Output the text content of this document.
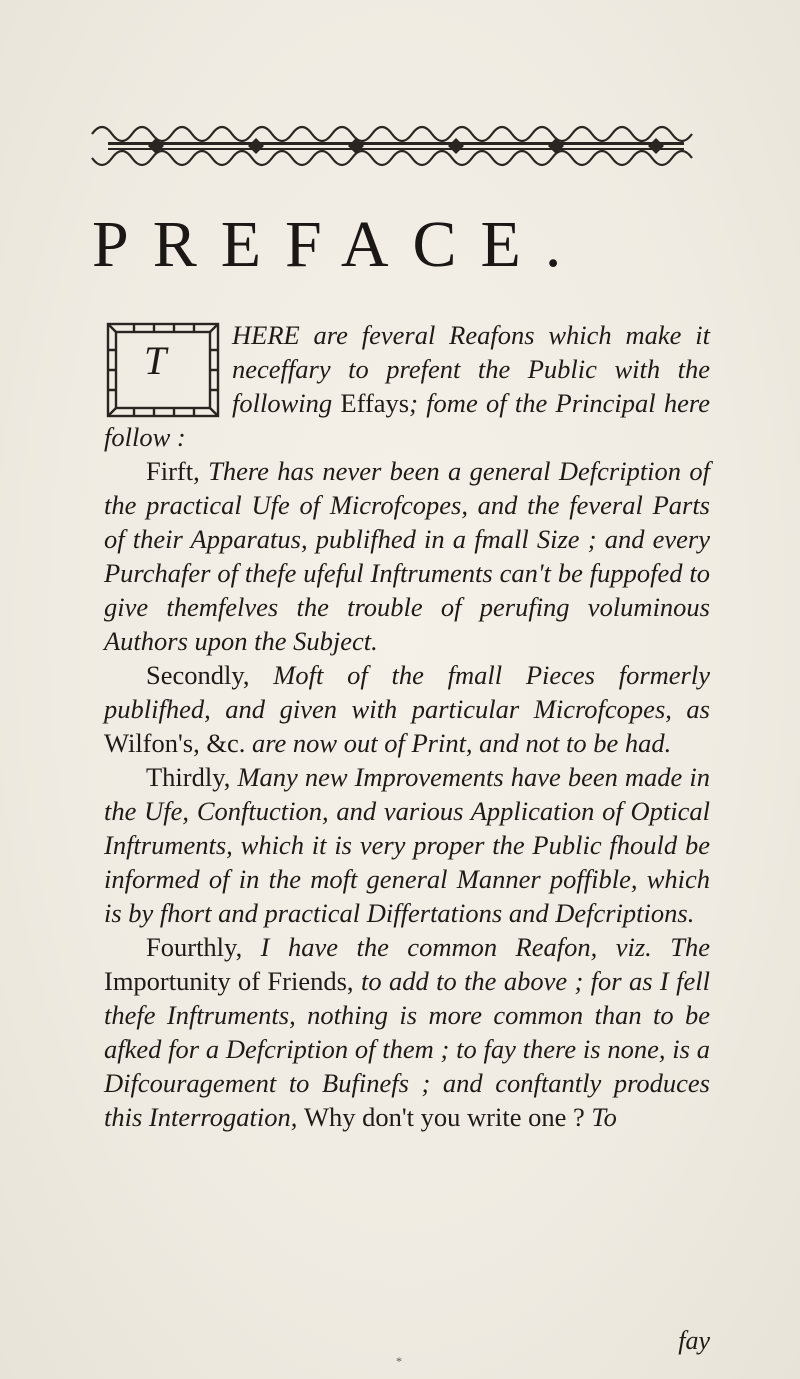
PREFACE.

T
HERE are feveral Reafons which make it neceffary to prefent the Public with the following Effays; fome of the Principal here follow :

Firft, There has never been a general Defcription of the practical Ufe of Microfcopes, and the feveral Parts of their Apparatus, publifhed in a fmall Size ; and every Purchafer of thefe ufeful Inftruments can't be fuppofed to give themfelves the trouble of perufing voluminous Authors upon the Subject.

Secondly, Moft of the fmall Pieces formerly publifhed, and given with particular Microfcopes, as Wilfon's, &c. are now out of Print, and not to be had.

Thirdly, Many new Improvements have been made in the Ufe, Conftuction, and various Application of Optical Inftruments, which it is very proper the Public fhould be informed of in the moft general Manner poffible, which is by fhort and practical Differtations and Defcriptions.

Fourthly, I have the common Reafon, viz. The Importunity of Friends, to add to the above ; for as I fell thefe Inftruments, nothing is more common than to be afked for a Defcription of them ; to fay there is none, is a Difcouragement to Bufinefs ; and conftantly produces this Interrogation, Why don't you write one ? To

fay
*
